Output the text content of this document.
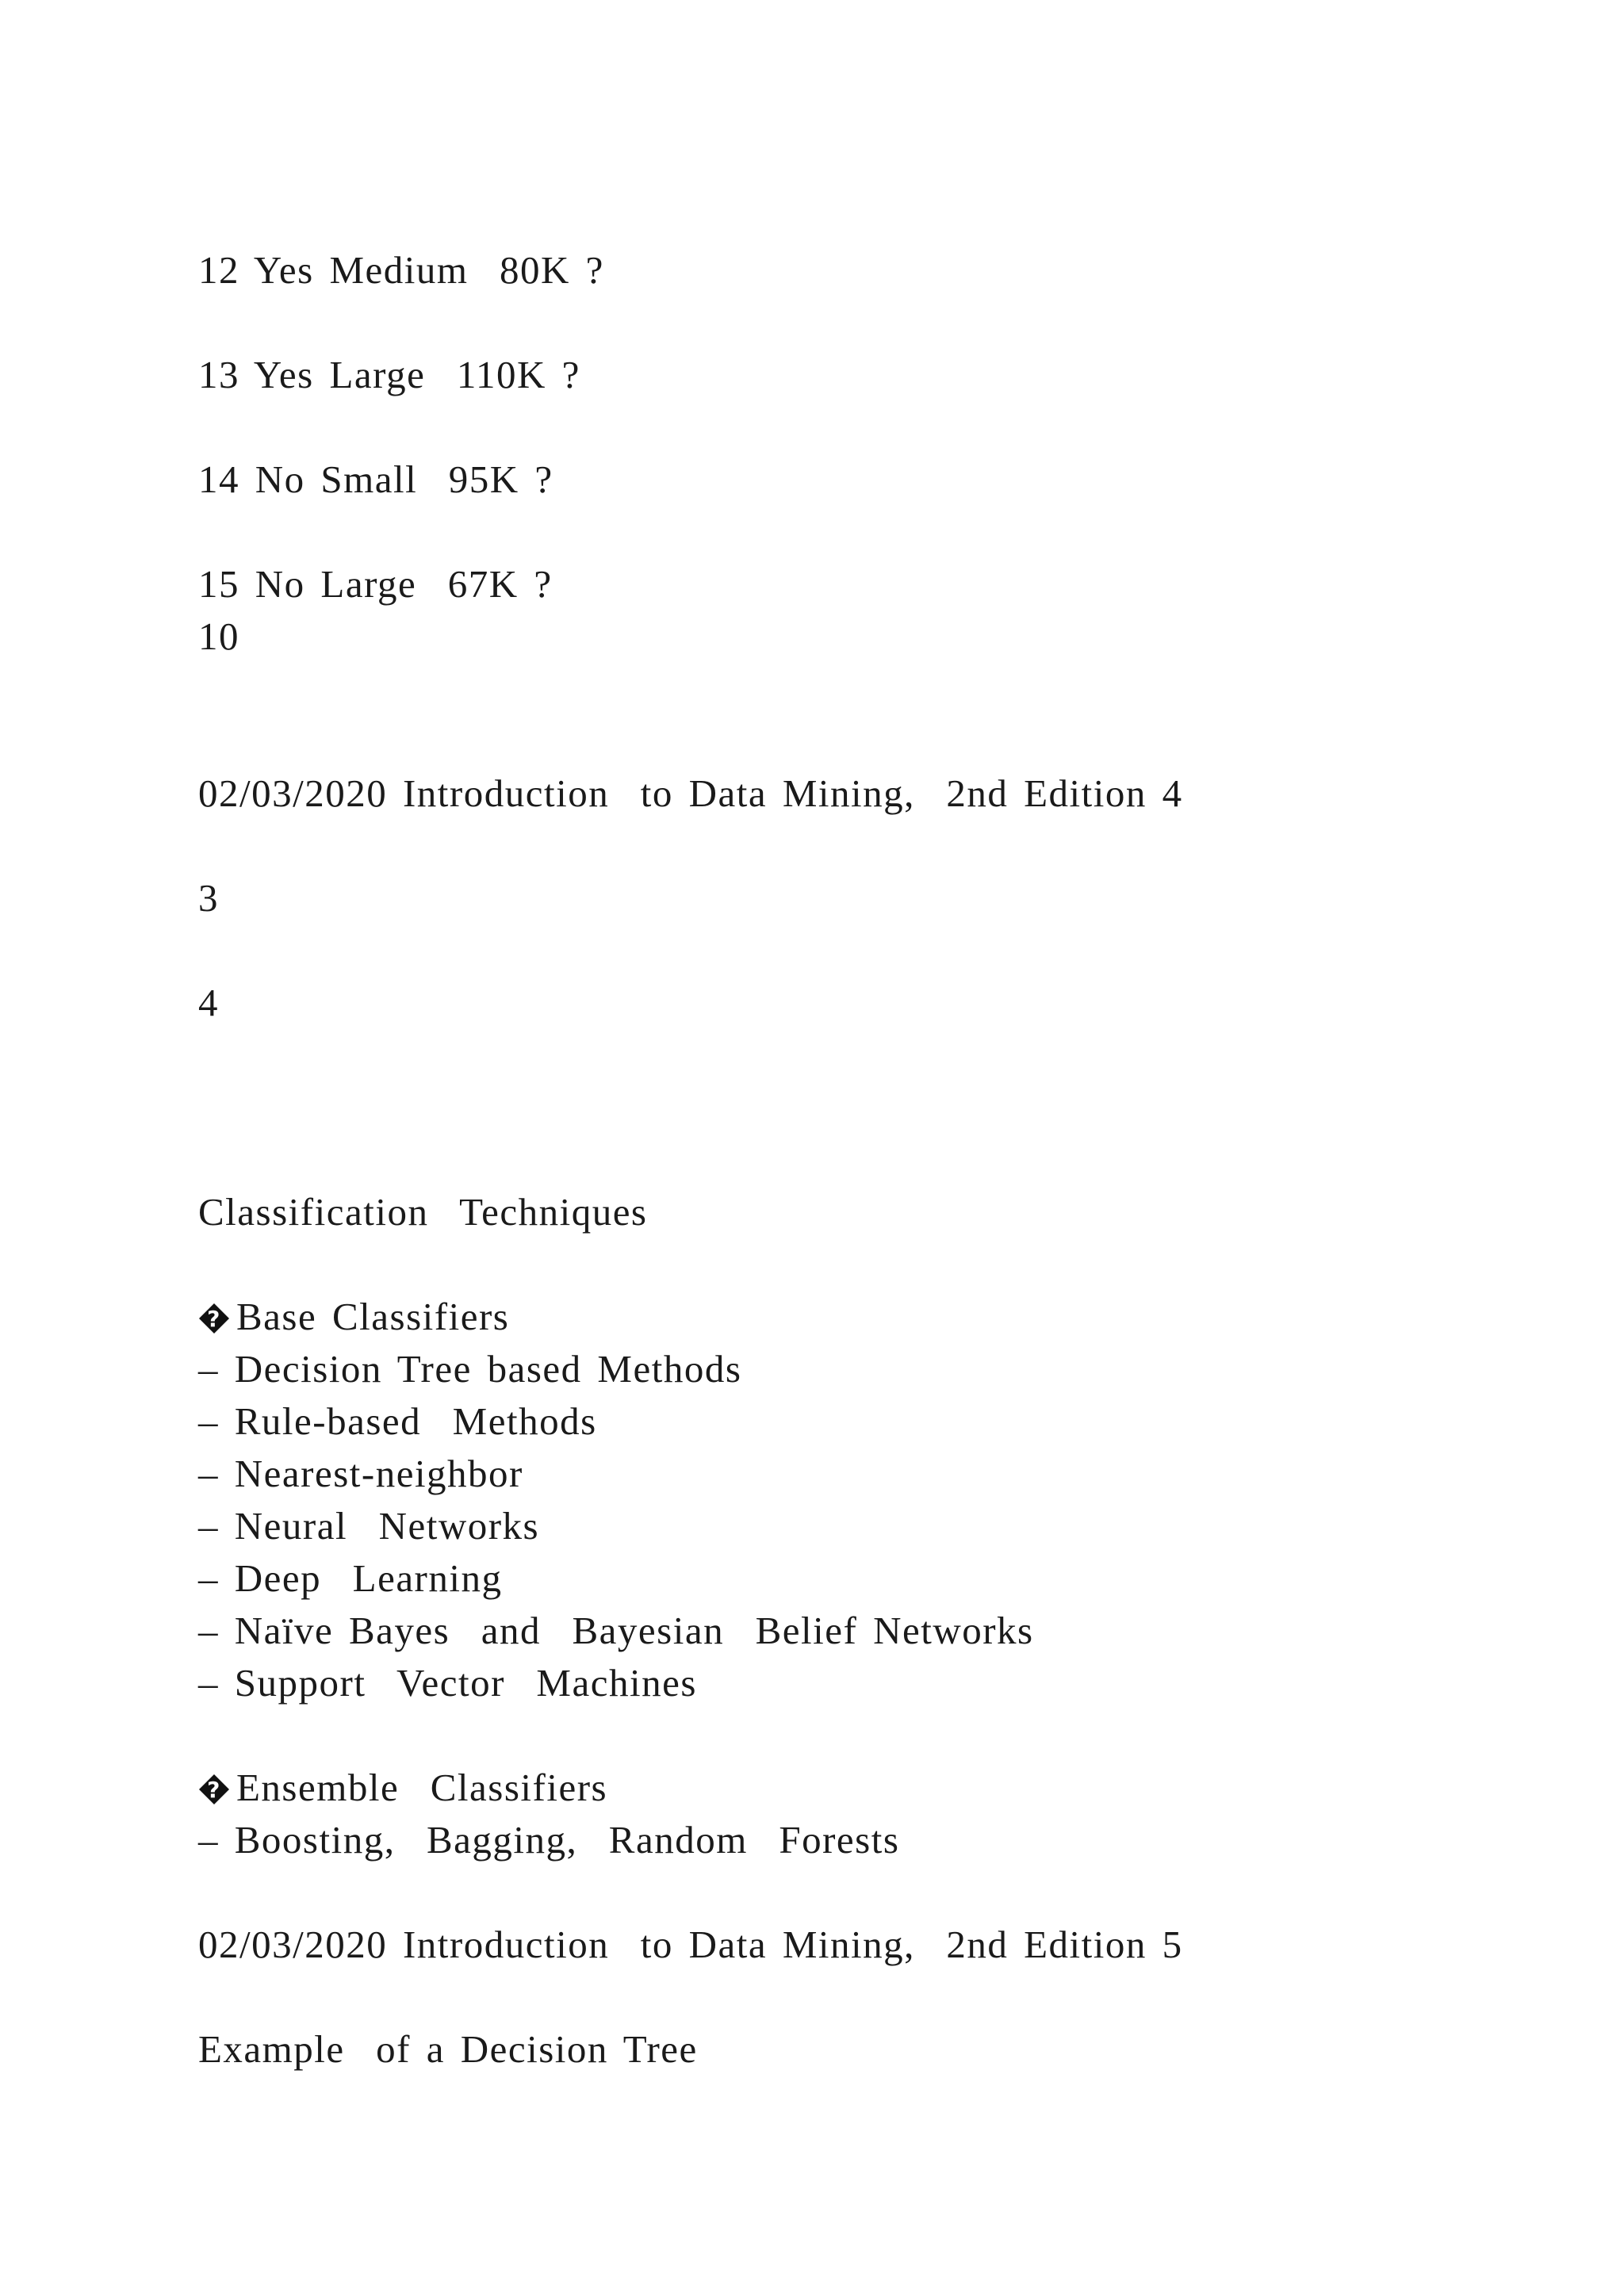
12 Yes Medium  80K ?
13 Yes Large  110K ?
14 No Small  95K ?
15 No Large  67K ?
10
02/03/2020 Introduction  to Data Mining,  2nd Edition 4
3
4
Classification  Techniques
? Base Classifiers
– Decision Tree based Methods
– Rule-based  Methods
– Nearest-neighbor
– Neural  Networks
– Deep  Learning
– Naïve Bayes  and  Bayesian  Belief Networks
– Support  Vector  Machines
? Ensemble  Classifiers
– Boosting,  Bagging,  Random  Forests
02/03/2020 Introduction  to Data Mining,  2nd Edition 5
Example  of a Decision Tree
